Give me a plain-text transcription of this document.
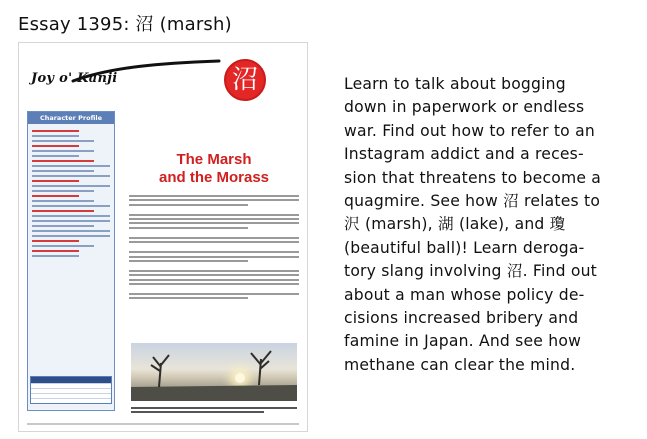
Essay 1395: 沼 (marsh)
Joy o' Kanji	沼
Character Profile
The Marsh
and the Morass
Learn to talk about bogging
down in paperwork or endless
war. Find out how to refer to an
Instagram addict and a reces-
sion that threatens to become a
quagmire. See how 沼 relates to
沢 (marsh), 湖 (lake), and 瓊
(beautiful ball)! Learn deroga-
tory slang involving 沼. Find out
about a man whose policy de-
cisions increased bribery and
famine in Japan. And see how
methane can clear the mind.
